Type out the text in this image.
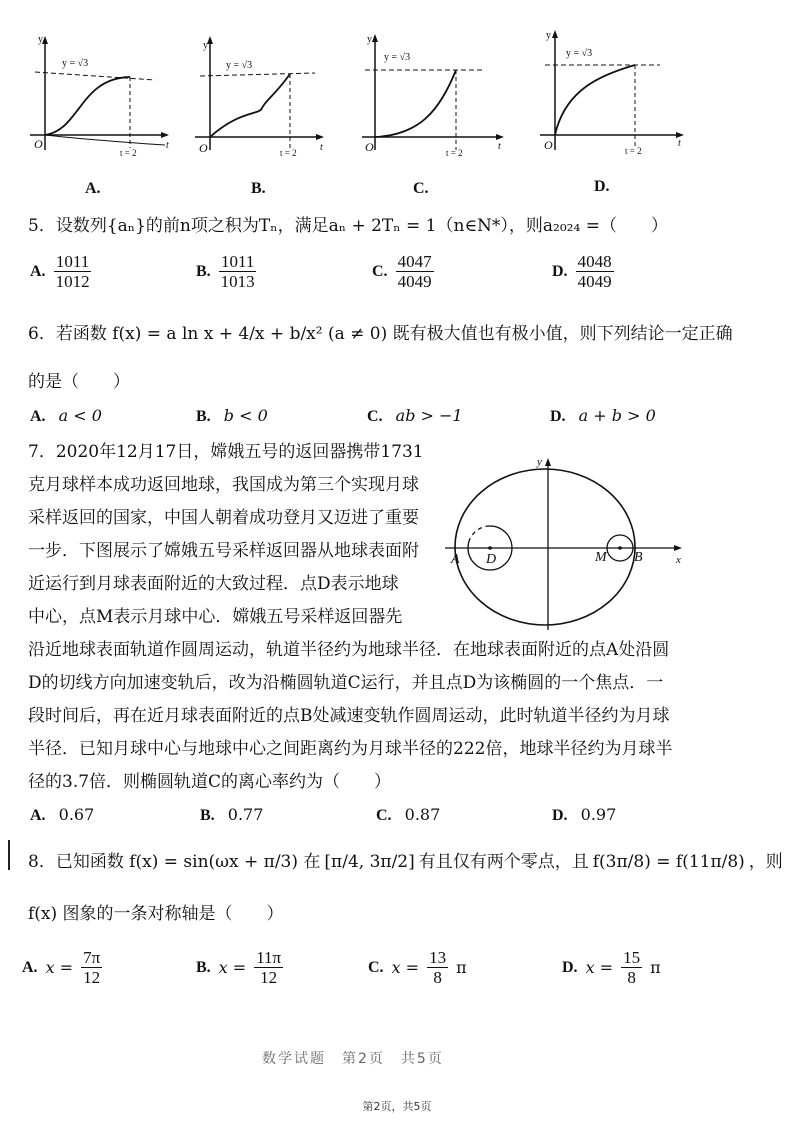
y
y = √3
O
t = 2
t
y
y = √3
O	t = 2 t
y
y = √3
O	t = 2
t
y
y = √3
O	t = 2
t
A.	B.	C.	D.
5．设数列{aₙ}的前n项之积为Tₙ，满足aₙ + 2Tₙ = 1（n∈N*），则a₂₀₂₄ =（　　）
A. $\frac{1011}{1012}$	B. $\frac{1011}{1013}$	C. $\frac{4047}{4049}$	D. $\frac{4048}{4049}$
6．若函数 f(x) = a ln x + 4/x + b/x² (a ≠ 0) 既有极大值也有极小值，则下列结论一定正确
的是（　　）
A. a < 0	B. b < 0	C. ab > −1	D. a + b > 0
7．2020年12月17日，嫦娥五号的返回器携带1731
克月球样本成功返回地球，我国成为第三个实现月球
采样返回的国家，中国人朝着成功登月又迈进了重要
一步．下图展示了嫦娥五号采样返回器从地球表面附
近运行到月球表面附近的大致过程．点D表示地球
中心，点M表示月球中心．嫦娥五号采样返回器先
沿近地球表面轨道作圆周运动，轨道半径约为地球半径．在地球表面附近的点A处沿圆
D的切线方向加速变轨后，改为沿椭圆轨道C运行，并且点D为该椭圆的一个焦点．一
段时间后，再在近月球表面附近的点B处减速变轨作圆周运动，此时轨道半径约为月球
半径．已知月球中心与地球中心之间距离约为月球半径的222倍，地球半径约为月球半
径的3.7倍．则椭圆轨道C的离心率约为（　　）
y
x
A D	M B
A. 0.67	B. 0.77	C. 0.87	D. 0.97
8．已知函数 f(x) = sin(ωx + π/3) 在 [π/4, 3π/2] 有且仅有两个零点，且 f(3π/8) = f(11π/8) ，则
f(x) 图象的一条对称轴是（　　）
A. $x = \frac{7\pi}{12}$	B. $x = \frac{11\pi}{12}$	C. $x = \frac{13}{8}$ π	D. $x = \frac{15}{8}$ π
数学试题　第2页　共5页
第2页，共5页
